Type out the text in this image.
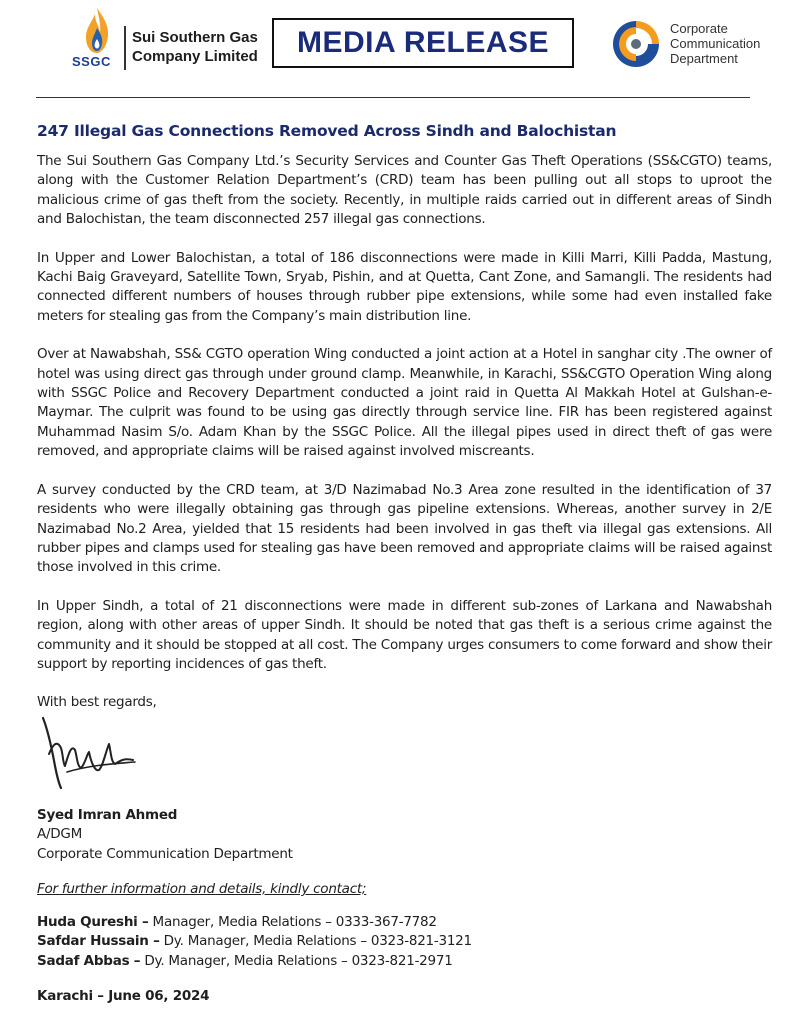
SSGC
Sui Southern Gas
Company Limited MEDIA RELEASE	Corporate
Communication
Department
247 Illegal Gas Connections Removed Across Sindh and Balochistan

The Sui Southern Gas Company Ltd.’s Security Services and Counter Gas Theft Operations (SS&CGTO) teams, along with the Customer Relation Department’s (CRD) team has been pulling out all stops to uproot the malicious crime of gas theft from the society. Recently, in multiple raids carried out in different areas of Sindh and Balochistan, the team disconnected 257 illegal gas connections.

In Upper and Lower Balochistan, a total of 186 disconnections were made in Killi Marri, Killi Padda, Mastung, Kachi Baig Graveyard, Satellite Town, Sryab, Pishin, and at Quetta, Cant Zone, and Samangli. The residents had connected different numbers of houses through rubber pipe extensions, while some had even installed fake meters for stealing gas from the Company’s main distribution line.

Over at Nawabshah, SS& CGTO operation Wing conducted a joint action at a Hotel in sanghar city .The owner of hotel was using direct gas through under ground clamp. Meanwhile, in Karachi, SS&CGTO Operation Wing along with SSGC Police and Recovery Department conducted a joint raid in Quetta Al Makkah Hotel at Gulshan-e-Maymar. The culprit was found to be using gas directly through service line. FIR has been registered against Muhammad Nasim S/o. Adam Khan by the SSGC Police. All the illegal pipes used in direct theft of gas were removed, and appropriate claims will be raised against involved miscreants.

A survey conducted by the CRD team, at 3/D Nazimabad No.3 Area zone resulted in the identification of 37 residents who were illegally obtaining gas through gas pipeline extensions. Whereas, another survey in 2/E Nazimabad No.2 Area, yielded that 15 residents had been involved in gas theft via illegal gas extensions. All rubber pipes and clamps used for stealing gas have been removed and appropriate claims will be raised against those involved in this crime.

In Upper Sindh, a total of 21 disconnections were made in different sub-zones of Larkana and Nawabshah region, along with other areas of upper Sindh. It should be noted that gas theft is a serious crime against the community and it should be stopped at all cost. The Company urges consumers to come forward and show their support by reporting incidences of gas theft.

With best regards,
Syed Imran Ahmed
A/DGM
Corporate Communication Department
For further information and details, kindly contact;
Huda Qureshi – Manager, Media Relations – 0333-367-7782
Safdar Hussain – Dy. Manager, Media Relations – 0323-821-3121
Sadaf Abbas – Dy. Manager, Media Relations – 0323-821-2971
Karachi – June 06, 2024
